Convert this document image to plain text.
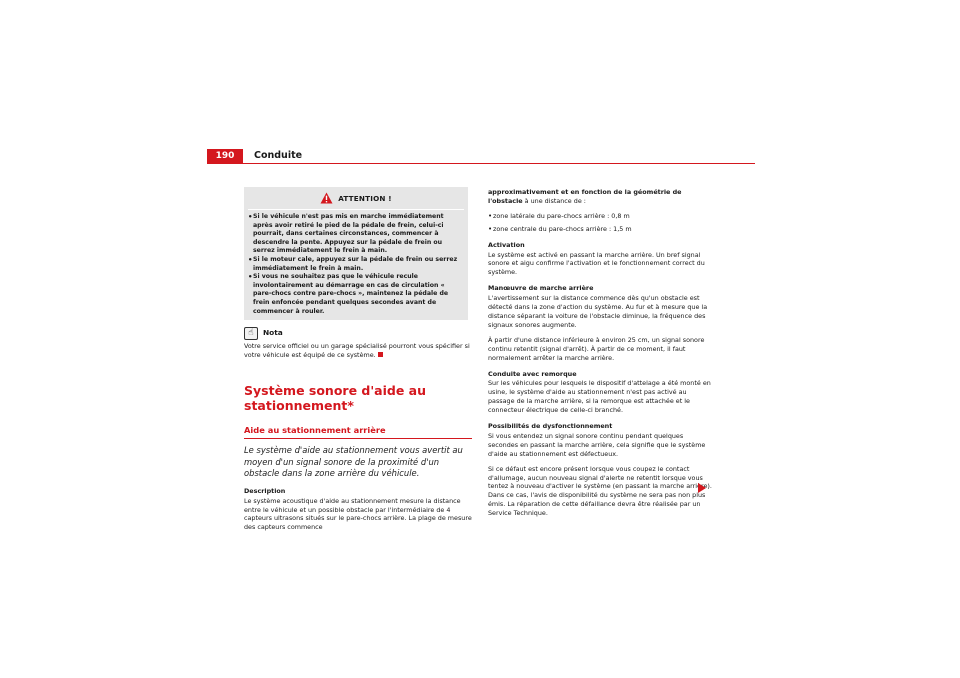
190	Conduite
ATTENTION !
• Si le véhicule n'est pas mis en marche immédiatement après avoir retiré le pied de la pédale de frein, celui-ci pourrait, dans certaines circonstances, commencer à descendre la pente. Appuyez sur la pédale de frein ou serrez immédiatement le frein à main.
• Si le moteur cale, appuyez sur la pédale de frein ou serrez immédiatement le frein à main.
• Si vous ne souhaitez pas que le véhicule recule involontairement au démarrage en cas de circulation « pare-chocs contre pare-chocs », maintenez la pédale de frein enfoncée pendant quelques secondes avant de commencer à rouler.
☝	Nota
Votre service officiel ou un garage spécialisé pourront vous spécifier si votre véhicule est équipé de ce système.
Système sonore d'aide au stationnement*
Aide au stationnement arrière
Le système d'aide au stationnement vous avertit au moyen d'un signal sonore de la proximité d'un obstacle dans la zone arrière du véhicule.
Description
Le système acoustique d'aide au stationnement mesure la distance entre le véhicule et un possible obstacle par l'intermédiaire de 4 capteurs ultrasons situés sur le pare-chocs arrière. La plage de mesure des capteurs commence
approximativement et en fonction de la géométrie de l'obstacle à une distance de :
• zone latérale du pare-chocs arrière : 0,8 m
• zone centrale du pare-chocs arrière : 1,5 m
Activation
Le système est activé en passant la marche arrière. Un bref signal sonore et aigu confirme l'activation et le fonctionnement correct du système.
Manœuvre de marche arrière
L'avertissement sur la distance commence dès qu'un obstacle est détecté dans la zone d'action du système. Au fur et à mesure que la distance séparant la voiture de l'obstacle diminue, la fréquence des signaux sonores augmente.
À partir d'une distance inférieure à environ 25 cm, un signal sonore continu retentit (signal d'arrêt). À partir de ce moment, il faut normalement arrêter la marche arrière.
Conduite avec remorque
Sur les véhicules pour lesquels le dispositif d'attelage a été monté en usine, le système d'aide au stationnement n'est pas activé au passage de la marche arrière, si la remorque est attachée et le connecteur électrique de celle-ci branché.
Possibilités de dysfonctionnement
Si vous entendez un signal sonore continu pendant quelques secondes en passant la marche arrière, cela signifie que le système d'aide au stationnement est défectueux.
Si ce défaut est encore présent lorsque vous coupez le contact d'allumage, aucun nouveau signal d'alerte ne retentit lorsque vous tentez à nouveau d'activer le système (en passant la marche arrière). Dans ce cas, l'avis de disponibilité du système ne sera pas non plus émis. La réparation de cette défaillance devra être réalisée par un Service Technique.
